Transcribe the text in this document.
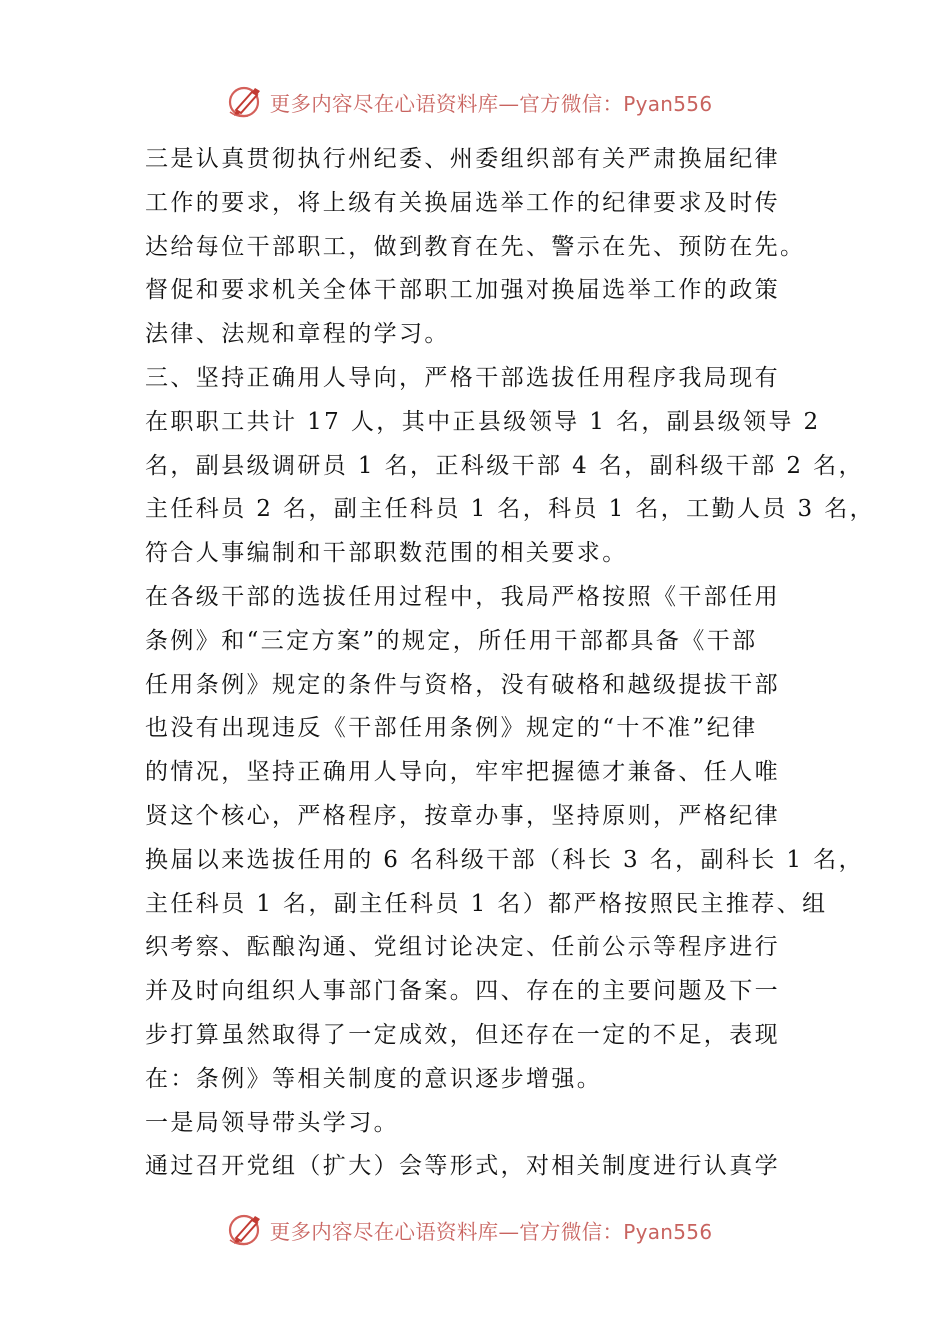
更多内容尽在心语资料库—官方微信：Pyan556
三是认真贯彻执行州纪委、州委组织部有关严肃换届纪律
工作的要求，将上级有关换届选举工作的纪律要求及时传
达给每位干部职工，做到教育在先、警示在先、预防在先。
督促和要求机关全体干部职工加强对换届选举工作的政策
法律、法规和章程的学习。
三、坚持正确用人导向，严格干部选拔任用程序我局现有
在职职工共计 17 人，其中正县级领导 1 名，副县级领导 2
名，副县级调研员 1 名，正科级干部 4 名，副科级干部 2 名，
主任科员 2 名，副主任科员 1 名，科员 1 名，工勤人员 3 名，
符合人事编制和干部职数范围的相关要求。
在各级干部的选拔任用过程中，我局严格按照《干部任用
条例》和“三定方案”的规定，所任用干部都具备《干部
任用条例》规定的条件与资格，没有破格和越级提拔干部
也没有出现违反《干部任用条例》规定的“十不准”纪律
的情况，坚持正确用人导向，牢牢把握德才兼备、任人唯
贤这个核心，严格程序，按章办事，坚持原则，严格纪律
换届以来选拔任用的 6 名科级干部（科长 3 名，副科长 1 名，
主任科员 1 名，副主任科员 1 名）都严格按照民主推荐、组
织考察、酝酿沟通、党组讨论决定、任前公示等程序进行
并及时向组织人事部门备案。四、存在的主要问题及下一
步打算虽然取得了一定成效，但还存在一定的不足，表现
在：条例》等相关制度的意识逐步增强。
一是局领导带头学习。
通过召开党组（扩大）会等形式，对相关制度进行认真学
更多内容尽在心语资料库—官方微信：Pyan556
